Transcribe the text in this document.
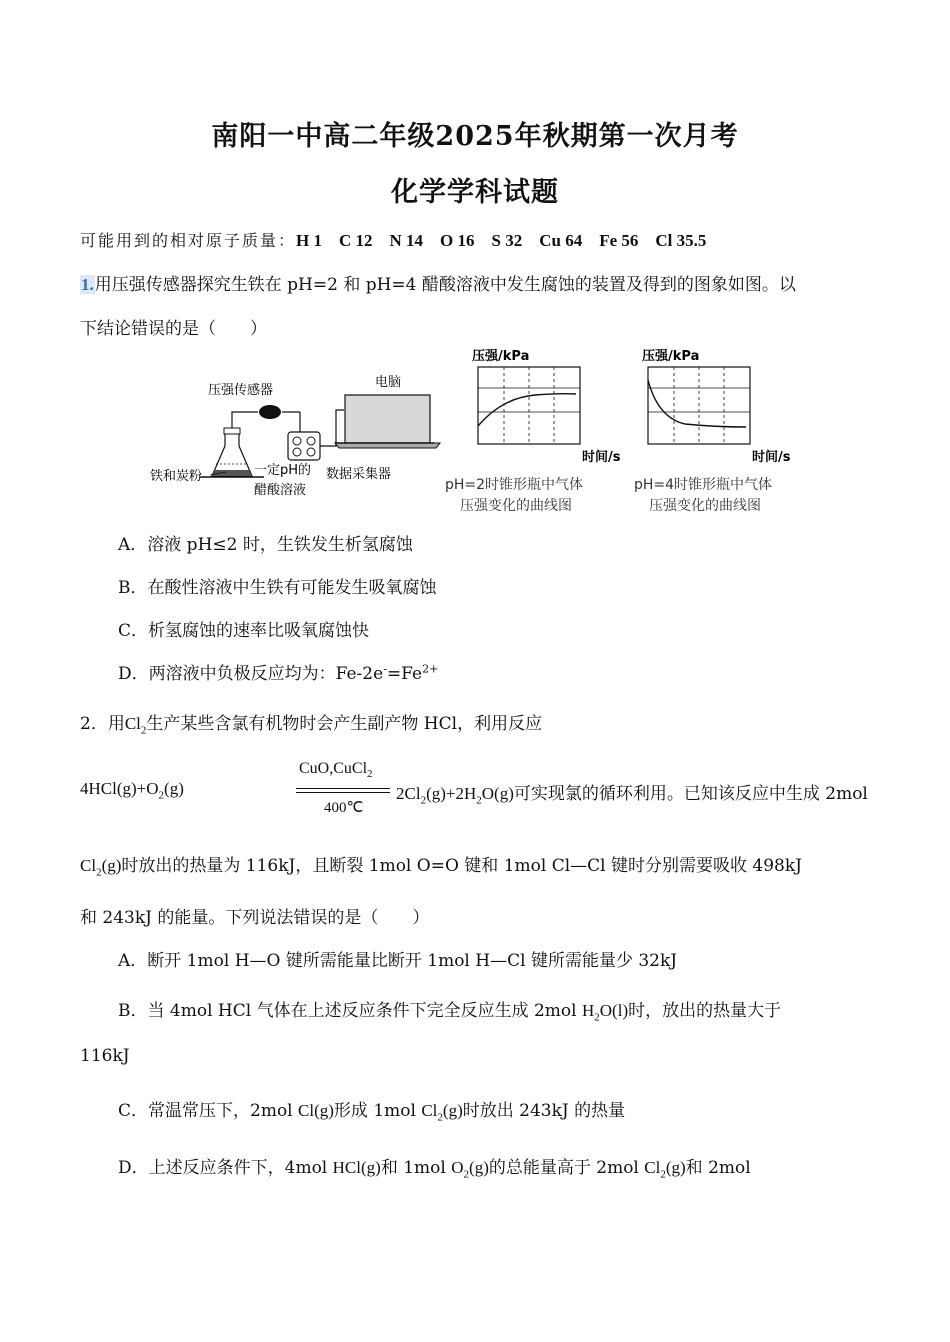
南阳一中高二年级2025年秋期第一次月考
化学学科试题
可能用到的相对原子质量：H 1    C 12    N 14    O 16    S 32    Cu 64    Fe 56    Cl 35.5
1.用压强传感器探究生铁在 pH=2 和 pH=4 醋酸溶液中发生腐蚀的装置及得到的图象如图。以
下结论错误的是（　　）
压强传感器
电脑
铁和炭粉	一定pH的
醋酸溶液
数据采集器
压强/kPa
时间/s
pH=2时锥形瓶中气体
压强变化的曲线图
压强/kPa
时间/s
pH=4时锥形瓶中气体
压强变化的曲线图
A．溶液 pH≤2 时，生铁发生析氢腐蚀
B．在酸性溶液中生铁有可能发生吸氧腐蚀
C．析氢腐蚀的速率比吸氧腐蚀快
D．两溶液中负极反应均为：$Fe-2e^-=Fe^{2+}$
2．用$Cl_2$生产某些含氯有机物时会产生副产物 HCl，利用反应
$4HCl(g)+O_2(g)$
CuO,CuCl$_2$
400℃
$2Cl_2(g)+2H_2O(g)$可实现氯的循环利用。已知该反应中生成 2mol
$Cl_2(g)$时放出的热量为 116kJ，且断裂 1mol O=O 键和 1mol Cl—Cl 键时分别需要吸收 498kJ
和 243kJ 的能量。下列说法错误的是（　　）
A．断开 1mol H—O 键所需能量比断开 1mol H—Cl 键所需能量少 32kJ
B．当 4mol HCl 气体在上述反应条件下完全反应生成 2mol $H_2O(l)$时，放出的热量大于
116kJ
C．常温常压下，2mol Cl(g)形成 1mol $Cl_2(g)$时放出 243kJ 的热量
D．上述反应条件下，4mol HCl(g)和 1mol $O_2(g)$的总能量高于 2mol $Cl_2(g)$和 2mol
